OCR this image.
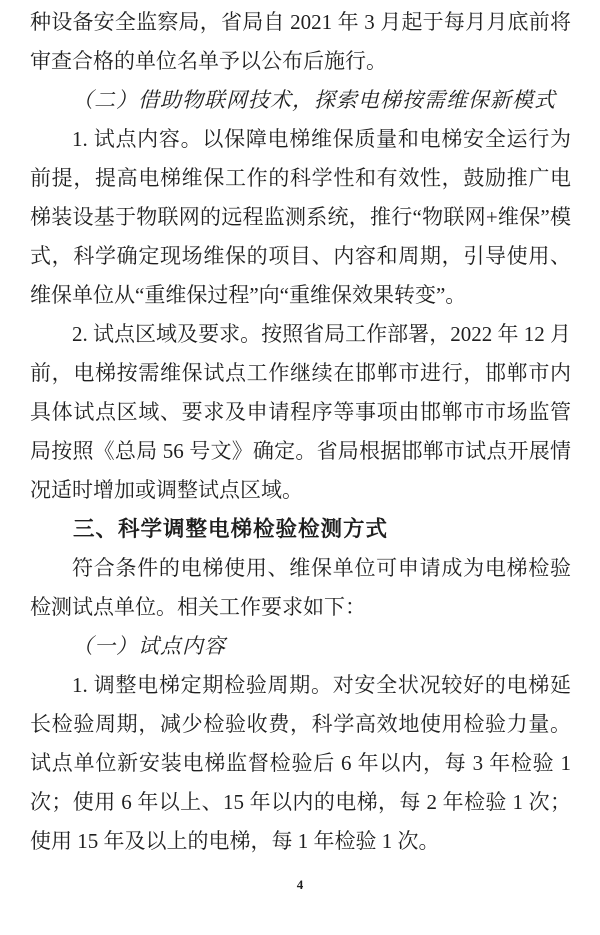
种设备安全监察局，省局自 2021 年 3 月起于每月月底前将审查合格的单位名单予以公布后施行。

（二）借助物联网技术，探索电梯按需维保新模式

1. 试点内容。以保障电梯维保质量和电梯安全运行为前提，提高电梯维保工作的科学性和有效性，鼓励推广电梯装设基于物联网的远程监测系统，推行“物联网+维保”模式，科学确定现场维保的项目、内容和周期，引导使用、维保单位从“重维保过程”向“重维保效果转变”。

2. 试点区域及要求。按照省局工作部署，2022 年 12 月前，电梯按需维保试点工作继续在邯郸市进行，邯郸市内具体试点区域、要求及申请程序等事项由邯郸市市场监管局按照《总局 56 号文》确定。省局根据邯郸市试点开展情况适时增加或调整试点区域。

三、科学调整电梯检验检测方式

符合条件的电梯使用、维保单位可申请成为电梯检验检测试点单位。相关工作要求如下：

（一）试点内容

1. 调整电梯定期检验周期。对安全状况较好的电梯延长检验周期，减少检验收费，科学高效地使用检验力量。试点单位新安装电梯监督检验后 6 年以内，每 3 年检验 1 次；使用 6 年以上、15 年以内的电梯，每 2 年检验 1 次；使用 15 年及以上的电梯，每 1 年检验 1 次。

4
